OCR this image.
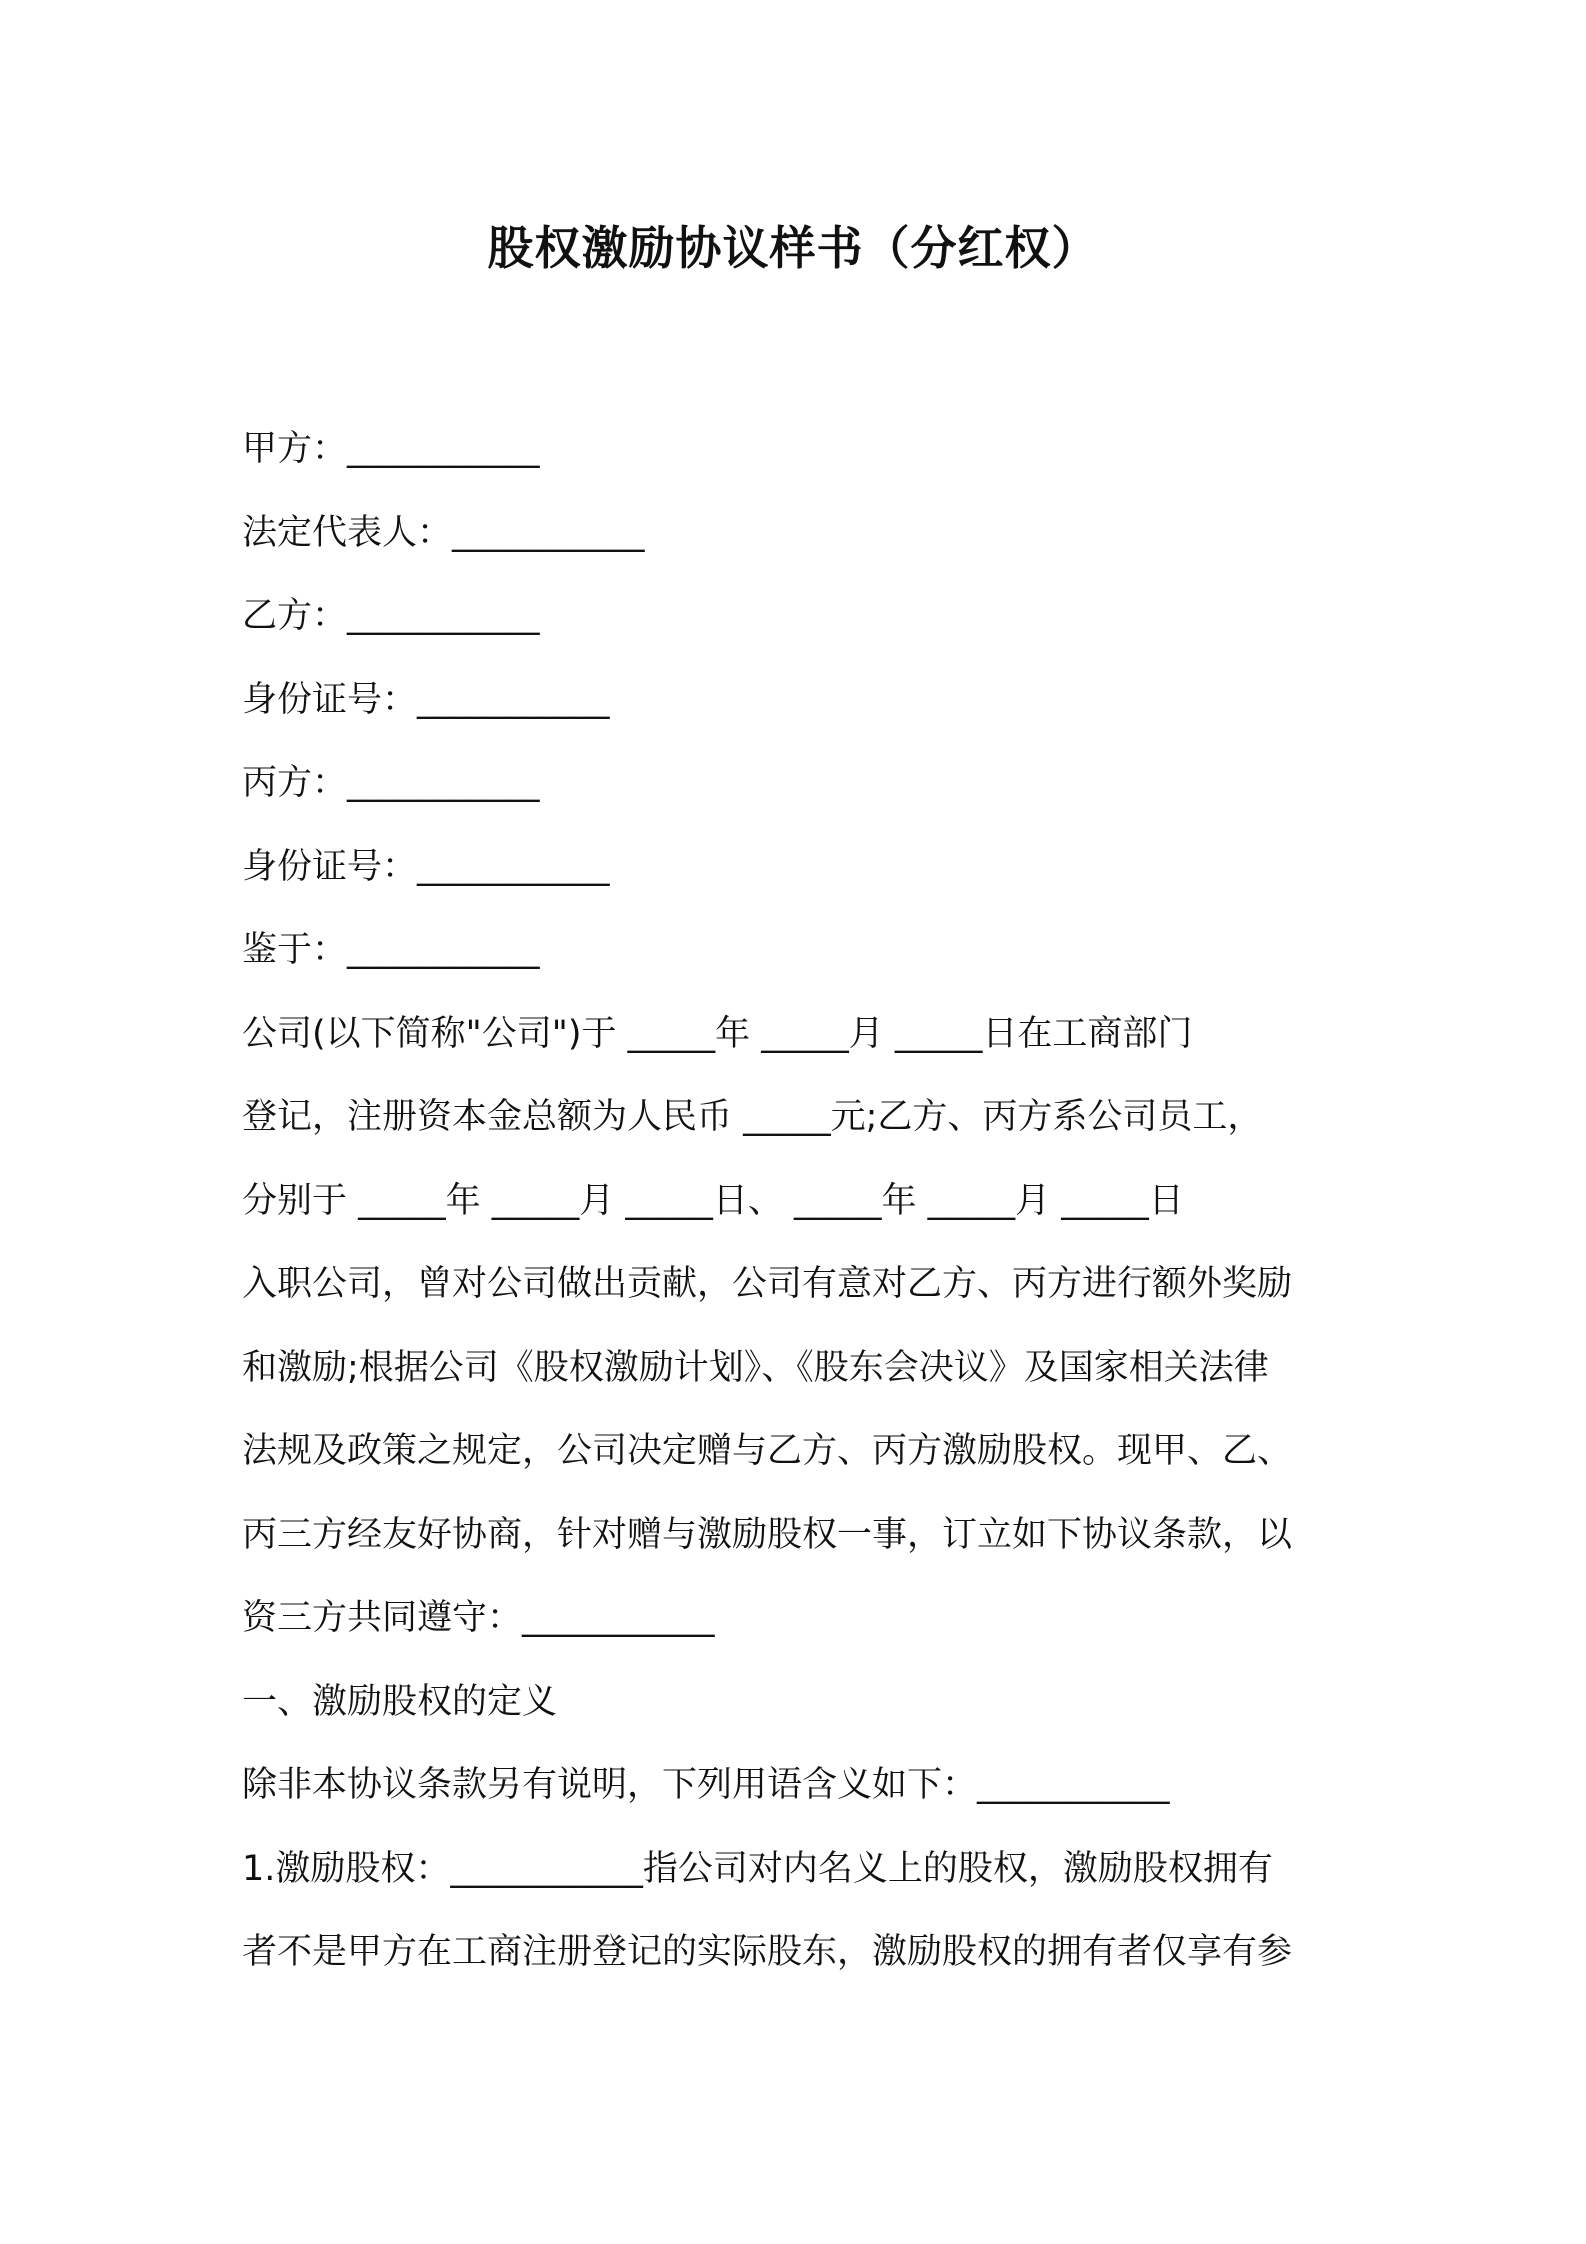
股权激励协议样书（分红权）
甲方：___________
法定代表人：___________
乙方：___________
身份证号：___________
丙方：___________
身份证号：___________
鉴于：___________
公司(以下简称"公司")于 _____年 _____月 _____日在工商部门
登记，注册资本金总额为人民币 _____元;乙方、丙方系公司员工，
分别于 _____年 _____月 _____日、 _____年 _____月 _____日
入职公司，曾对公司做出贡献，公司有意对乙方、丙方进行额外奖励
和激励;根据公司《股权激励计划》、《股东会决议》及国家相关法律
法规及政策之规定，公司决定赠与乙方、丙方激励股权。现甲、乙、
丙三方经友好协商，针对赠与激励股权一事，订立如下协议条款，以
资三方共同遵守：___________
一、激励股权的定义
除非本协议条款另有说明，下列用语含义如下：___________
1.激励股权：___________指公司对内名义上的股权，激励股权拥有
者不是甲方在工商注册登记的实际股东，激励股权的拥有者仅享有参
